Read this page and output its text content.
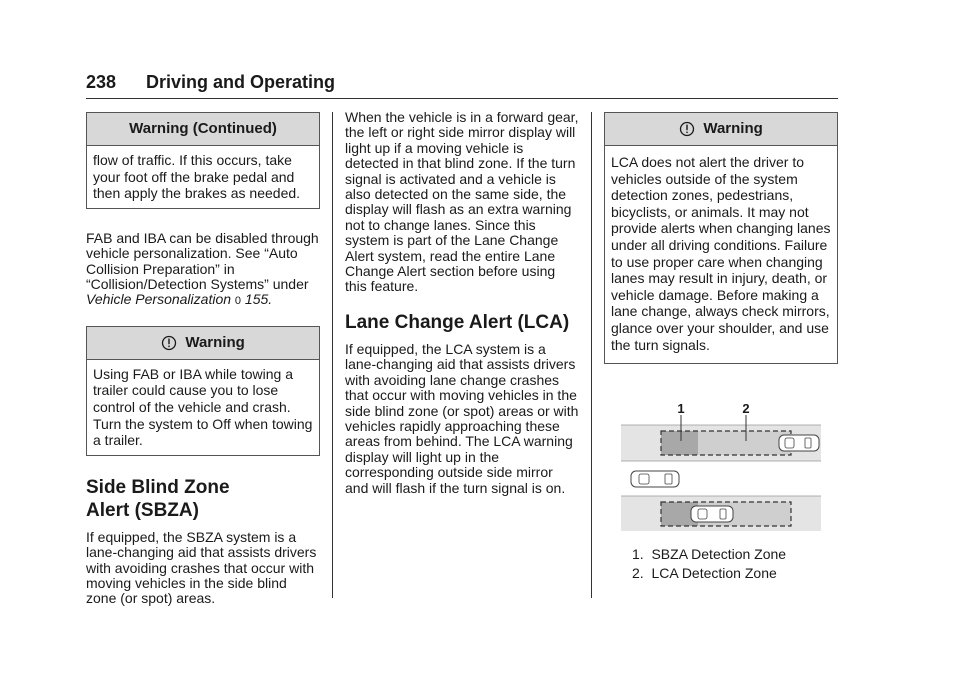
238 Driving and Operating
Warning (Continued)
flow of traffic. If this occurs, take your foot off the brake pedal and then apply the brakes as needed.

FAB and IBA can be disabled through vehicle personalization. See “Auto Collision Preparation” in “Collision/Detection Systems” under Vehicle Personalization 0 155.

Warning
Using FAB or IBA while towing a trailer could cause you to lose control of the vehicle and crash. Turn the system to Off when towing a trailer.

Side Blind Zone

Alert (SBZA)

If equipped, the SBZA system is a lane-changing aid that assists drivers with avoiding crashes that occur with moving vehicles in the side blind zone (or spot) areas.

When the vehicle is in a forward gear, the left or right side mirror display will light up if a moving vehicle is detected in that blind zone. If the turn signal is activated and a vehicle is also detected on the same side, the display will flash as an extra warning not to change lanes. Since this system is part of the Lane Change Alert system, read the entire Lane Change Alert section before using this feature.

Lane Change Alert (LCA)

If equipped, the LCA system is a lane-changing aid that assists drivers with avoiding lane change crashes that occur with moving vehicles in the side blind zone (or spot) areas or with vehicles rapidly approaching these areas from behind. The LCA warning display will light up in the corresponding outside side mirror and will flash if the turn signal is on.

Warning
LCA does not alert the driver to vehicles outside of the system detection zones, pedestrians, bicyclists, or animals. It may not provide alerts when changing lanes under all driving conditions. Failure to use proper care when changing lanes may result in injury, death, or vehicle damage. Before making a lane change, always check mirrors, glance over your shoulder, and use the turn signals.
1	2
1. SBZA Detection Zone
2. LCA Detection Zone
